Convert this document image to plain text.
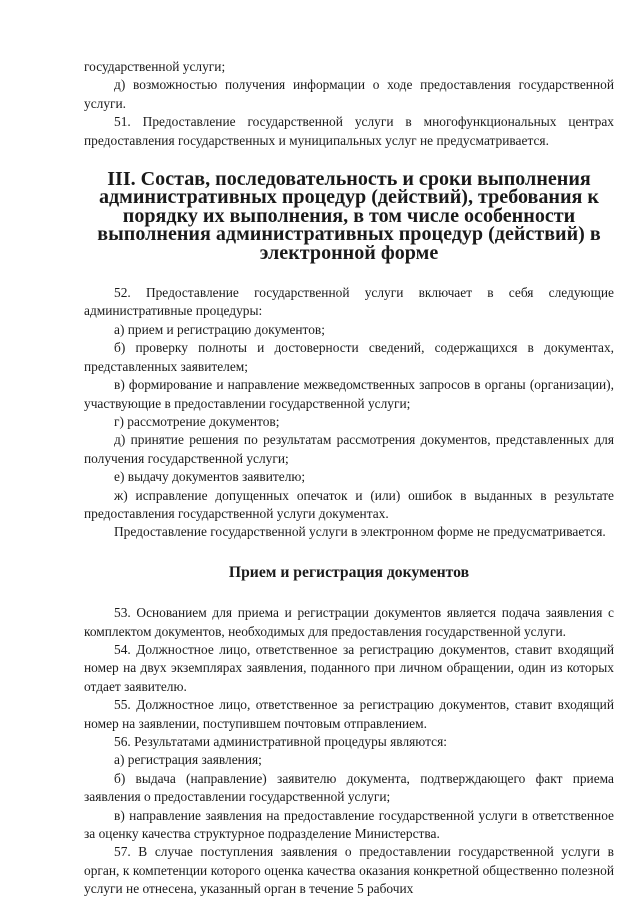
государственной услуги;

д) возможностью получения информации о ходе предоставления государственной услуги.

51. Предоставление государственной услуги в многофункциональных центрах предоставления государственных и муниципальных услуг не предусматривается.

III. Состав, последовательность и сроки выполнения административных процедур (действий), требования к порядку их выполнения, в том числе особенности выполнения административных процедур (действий) в электронной форме

52. Предоставление государственной услуги включает в себя следующие административные процедуры:

а) прием и регистрацию документов;

б) проверку полноты и достоверности сведений, содержащихся в документах, представленных заявителем;

в) формирование и направление межведомственных запросов в органы (организации), участвующие в предоставлении государственной услуги;

г) рассмотрение документов;

д) принятие решения по результатам рассмотрения документов, представленных для получения государственной услуги;

е) выдачу документов заявителю;

ж) исправление допущенных опечаток и (или) ошибок в выданных в результате предоставления государственной услуги документах.

Предоставление государственной услуги в электронном форме не предусматривается.

Прием и регистрация документов

53. Основанием для приема и регистрации документов является подача заявления с комплектом документов, необходимых для предоставления государственной услуги.

54. Должностное лицо, ответственное за регистрацию документов, ставит входящий номер на двух экземплярах заявления, поданного при личном обращении, один из которых отдает заявителю.

55. Должностное лицо, ответственное за регистрацию документов, ставит входящий номер на заявлении, поступившем почтовым отправлением.

56. Результатами административной процедуры являются:

а) регистрация заявления;

б) выдача (направление) заявителю документа, подтверждающего факт приема заявления о предоставлении государственной услуги;

в) направление заявления на предоставление государственной услуги в ответственное за оценку качества структурное подразделение Министерства.

57. В случае поступления заявления о предоставлении государственной услуги в орган, к компетенции которого оценка качества оказания конкретной общественно полезной услуги не отнесена, указанный орган в течение 5 рабочих
